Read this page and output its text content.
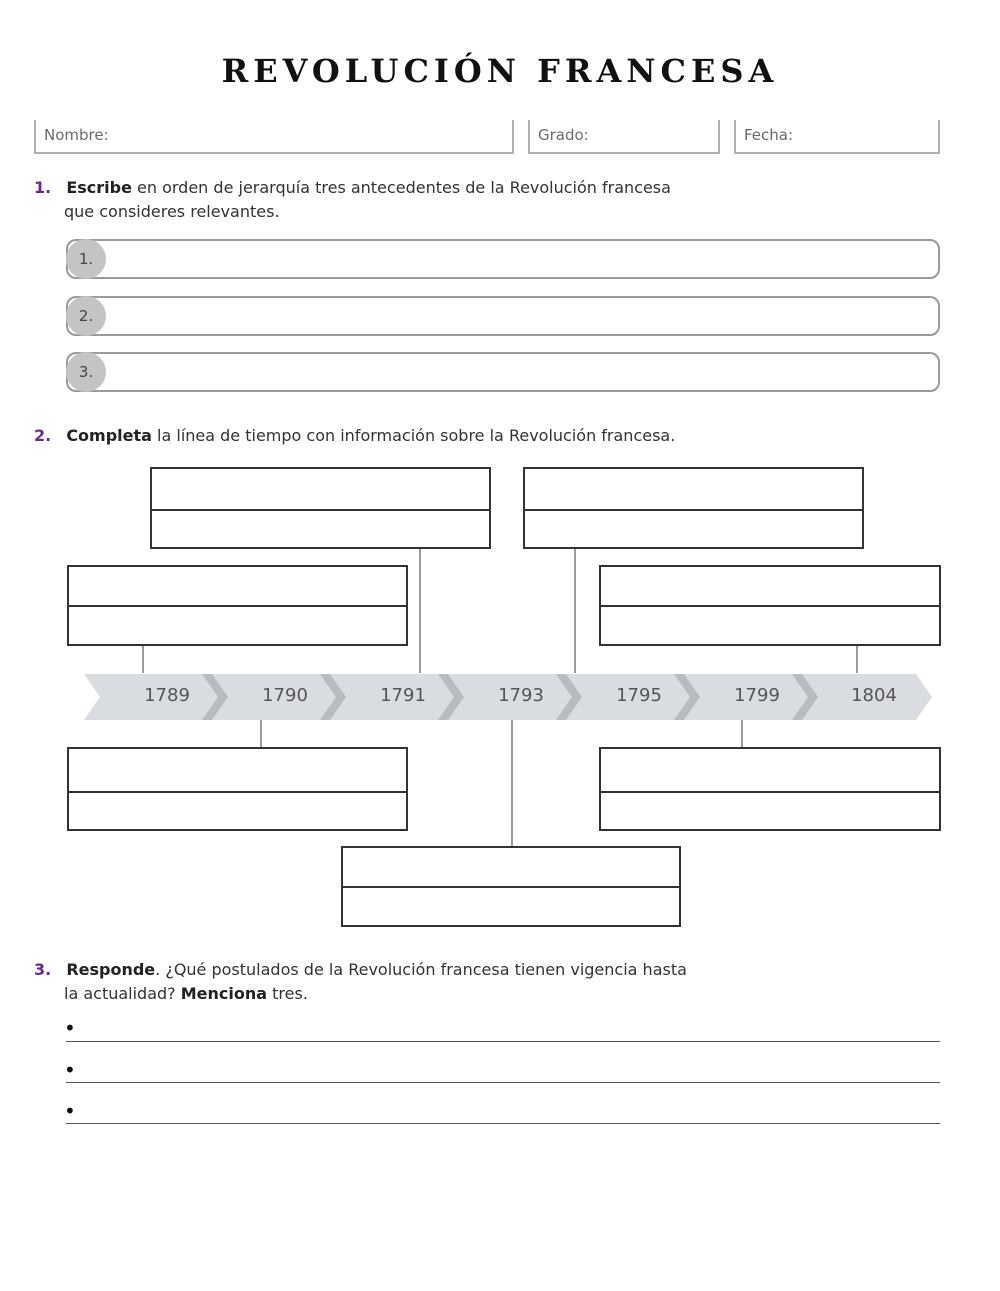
REVOLUCIÓN FRANCESA
Nombre:	Grado:	Fecha:
1. Escribe en orden de jerarquía tres antecedentes de la Revolución francesa
que consideres relevantes.
1.
2.
3.
2. Completa la línea de tiempo con información sobre la Revolución francesa.
1789	1790	1791	1793	1795	1799	1804
3. Responde. ¿Qué postulados de la Revolución francesa tienen vigencia hasta
la actualidad? Menciona tres.
•
•
•
